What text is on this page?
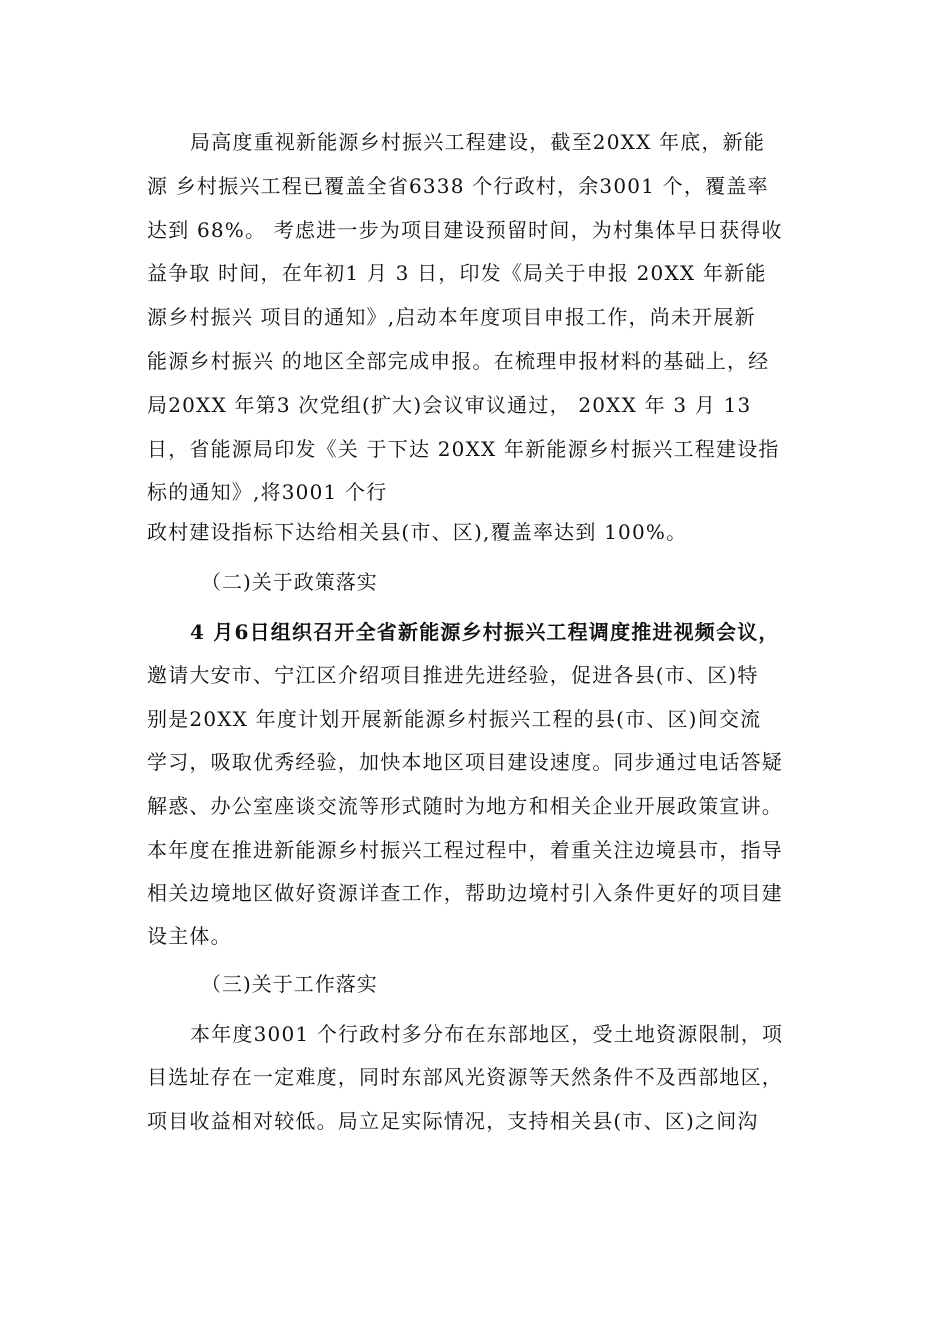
局高度重视新能源乡村振兴工程建设，截至20XX 年底，新能
源 乡村振兴工程已覆盖全省6338 个行政村，余3001 个，覆盖率
达到 68%。 考虑进一步为项目建设预留时间，为村集体早日获得收
益争取 时间，在年初1 月 3 日，印发《局关于申报 20XX 年新能
源乡村振兴 项目的通知》,启动本年度项目申报工作，尚未开展新
能源乡村振兴 的地区全部完成申报。在梳理申报材料的基础上，经
局20XX 年第3 次党组(扩大)会议审议通过， 20XX 年 3 月 13
日，省能源局印发《关 于下达 20XX 年新能源乡村振兴工程建设指
标的通知》,将3001 个行
政村建设指标下达给相关县(市、区),覆盖率达到 100%。
（二)关于政策落实
4 月6日组织召开全省新能源乡村振兴工程调度推进视频会议，
邀请大安市、宁江区介绍项目推进先进经验，促进各县(市、区)特
别是20XX 年度计划开展新能源乡村振兴工程的县(市、区)间交流
学习，吸取优秀经验，加快本地区项目建设速度。同步通过电话答疑
解惑、办公室座谈交流等形式随时为地方和相关企业开展政策宣讲。
本年度在推进新能源乡村振兴工程过程中，着重关注边境县市，指导
相关边境地区做好资源详查工作，帮助边境村引入条件更好的项目建
设主体。
（三)关于工作落实
本年度3001 个行政村多分布在东部地区，受土地资源限制，项
目选址存在一定难度，同时东部风光资源等天然条件不及西部地区，
项目收益相对较低。局立足实际情况，支持相关县(市、区)之间沟
